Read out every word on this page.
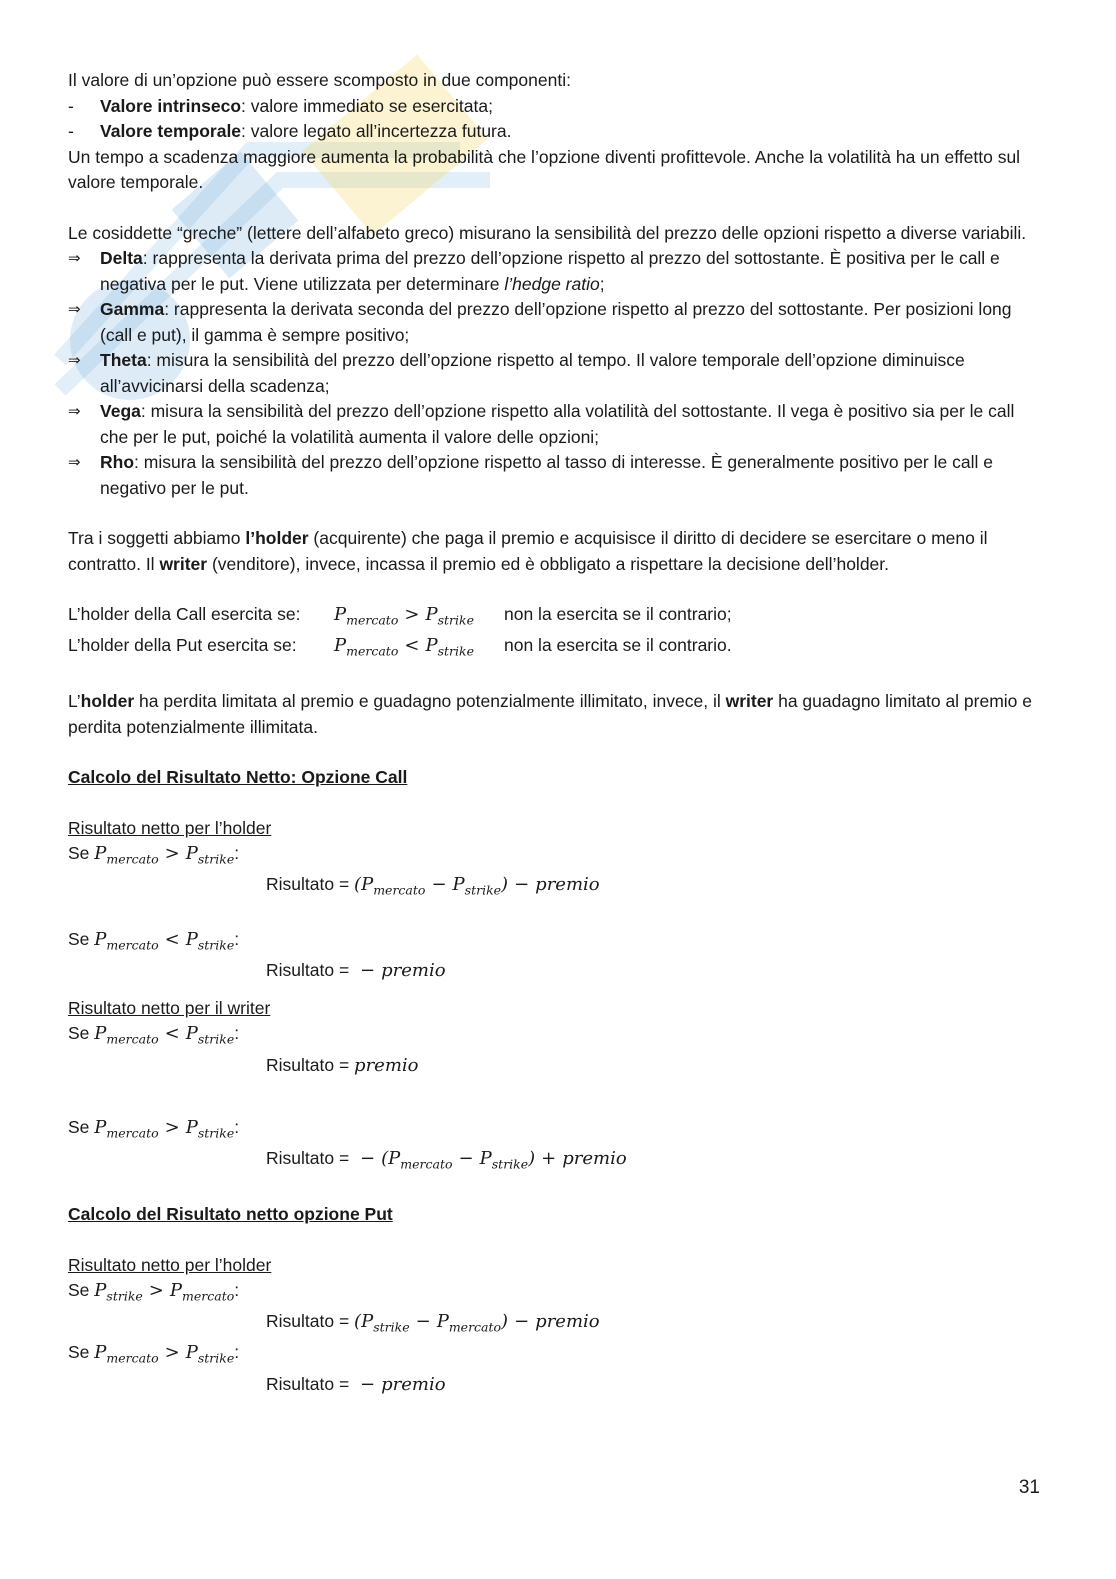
Il valore di un’opzione può essere scomposto in due componenti:

-	Valore intrinseco: valore immediato se esercitata;
-	Valore temporale: valore legato all’incertezza futura.

Un tempo a scadenza maggiore aumenta la probabilità che l’opzione diventi profittevole. Anche la volatilità ha un effetto sul valore temporale.

Le cosiddette “greche” (lettere dell’alfabeto greco) misurano la sensibilità del prezzo delle opzioni rispetto a diverse variabili.

⇒	Delta: rappresenta la derivata prima del prezzo dell’opzione rispetto al prezzo del sottostante. È positiva per le call e negativa per le put. Viene utilizzata per determinare l’hedge ratio;
⇒	Gamma: rappresenta la derivata seconda del prezzo dell’opzione rispetto al prezzo del sottostante. Per posizioni long (call e put), il gamma è sempre positivo;
⇒	Theta: misura la sensibilità del prezzo dell’opzione rispetto al tempo. Il valore temporale dell’opzione diminuisce all’avvicinarsi della scadenza;
⇒	Vega: misura la sensibilità del prezzo dell’opzione rispetto alla volatilità del sottostante. Il vega è positivo sia per le call che per le put, poiché la volatilità aumenta il valore delle opzioni;
⇒	Rho: misura la sensibilità del prezzo dell’opzione rispetto al tasso di interesse. È generalmente positivo per le call e negativo per le put.

Tra i soggetti abbiamo l’holder (acquirente) che paga il premio e acquisisce il diritto di decidere se esercitare o meno il contratto. Il writer (venditore), invece, incassa il premio ed è obbligato a rispettare la decisione dell’holder.

L’holder della Call esercita se:	$P_{mercato} > P_{strike}$	non la esercita se il contrario;
L’holder della Put esercita se:	$P_{mercato} < P_{strike}$	non la esercita se il contrario.

L’holder ha perdita limitata al premio e guadagno potenzialmente illimitato, invece, il writer ha guadagno limitato al premio e perdita potenzialmente illimitata.

Calcolo del Risultato Netto: Opzione Call

Risultato netto per l’holder

Se $P_{mercato} > P_{strike}$:

Risultato = $(P_{mercato} - P_{strike})$ − premio

Se $P_{mercato} < P_{strike}$:

Risultato = − premio

Risultato netto per il writer

Se $P_{mercato} < P_{strike}$:

Risultato = premio

Se $P_{mercato} > P_{strike}$:

Risultato = − $(P_{mercato} - P_{strike})$ + premio

Calcolo del Risultato netto opzione Put

Risultato netto per l’holder

Se $P_{strike} > P_{mercato}$:

Risultato = $(P_{strike} - P_{mercato})$ − premio

Se $P_{mercato} > P_{strike}$:

Risultato = − premio

31
